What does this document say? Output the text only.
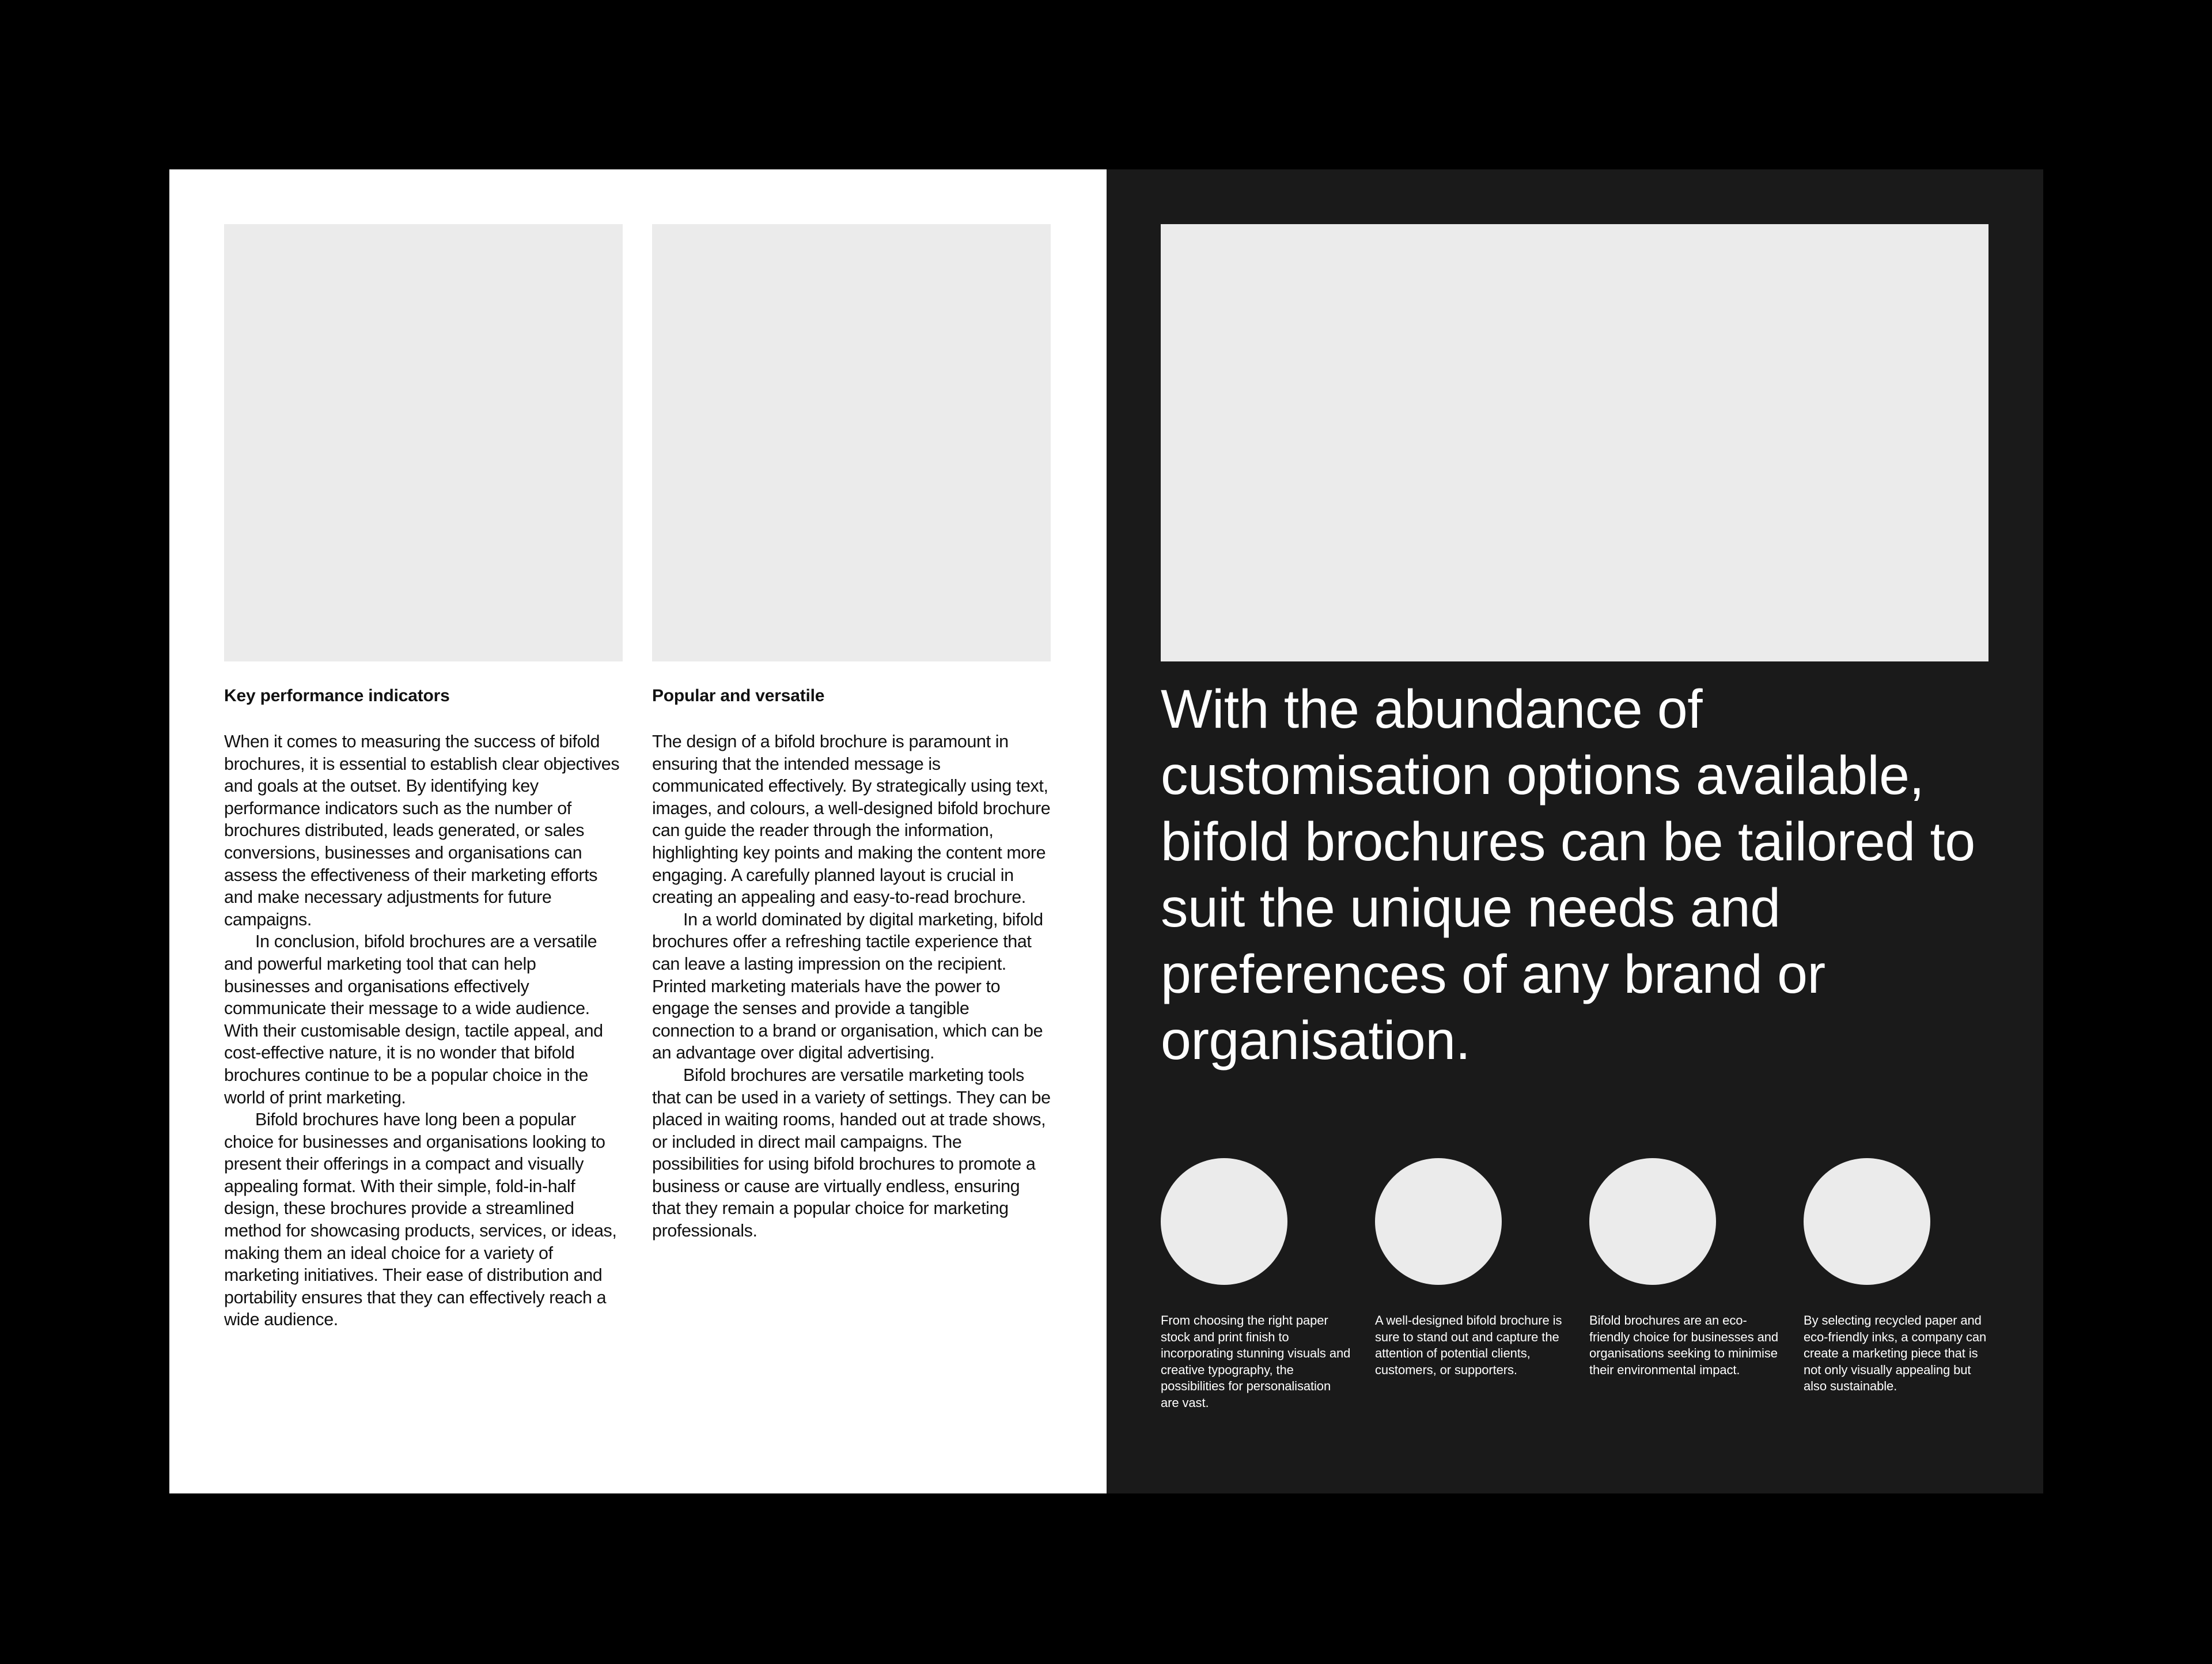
Key performance indicators

When it comes to measuring the success of bifold brochures, it is essential to establish clear objectives and goals at the outset. By identifying key performance indicators such as the number of brochures distributed, leads generated, or sales conversions, businesses and organisations can assess the effectiveness of their marketing efforts and make necessary adjustments for future campaigns.

In conclusion, bifold brochures are a versatile and powerful marketing tool that can help businesses and organisations effectively communicate their message to a wide audience. With their customisable design, tactile appeal, and cost-effective nature, it is no wonder that bifold brochures continue to be a popular choice in the world of print marketing.

Bifold brochures have long been a popular choice for businesses and organisations looking to present their offerings in a compact and visually appealing format. With their simple, fold-in-half design, these brochures provide a streamlined method for showcasing products, services, or ideas, making them an ideal choice for a variety of marketing initiatives. Their ease of distribution and portability ensures that they can effectively reach a wide audience.

Popular and versatile

The design of a bifold brochure is paramount in ensuring that the intended message is communicated effectively. By strategically using text, images, and colours, a well-designed bifold brochure can guide the reader through the information, highlighting key points and making the content more engaging. A carefully planned layout is crucial in creating an appealing and easy-to-read brochure.

In a world dominated by digital marketing, bifold brochures offer a refreshing tactile experience that can leave a lasting impression on the recipient. Printed marketing materials have the power to engage the senses and provide a tangible connection to a brand or organisation, which can be an advantage over digital advertising.

Bifold brochures are versatile marketing tools that can be used in a variety of settings. They can be placed in waiting rooms, handed out at trade shows, or included in direct mail campaigns. The possibilities for using bifold brochures to promote a business or cause are virtually endless, ensuring that they remain a popular choice for marketing professionals.

With the abundance of customisation options available, bifold brochures can be tailored to suit the unique needs and preferences of any brand or organisation.
From choosing the right paper stock and print finish to incorporating stunning visuals and creative typography, the possibilities for personalisation are vast.
A well-designed bifold brochure is sure to stand out and capture the attention of potential clients, customers, or supporters.
Bifold brochures are an eco-friendly choice for businesses and organisations seeking to minimise their environmental impact.
By selecting recycled paper and eco-friendly inks, a company can create a marketing piece that is not only visually appealing but also sustainable.
